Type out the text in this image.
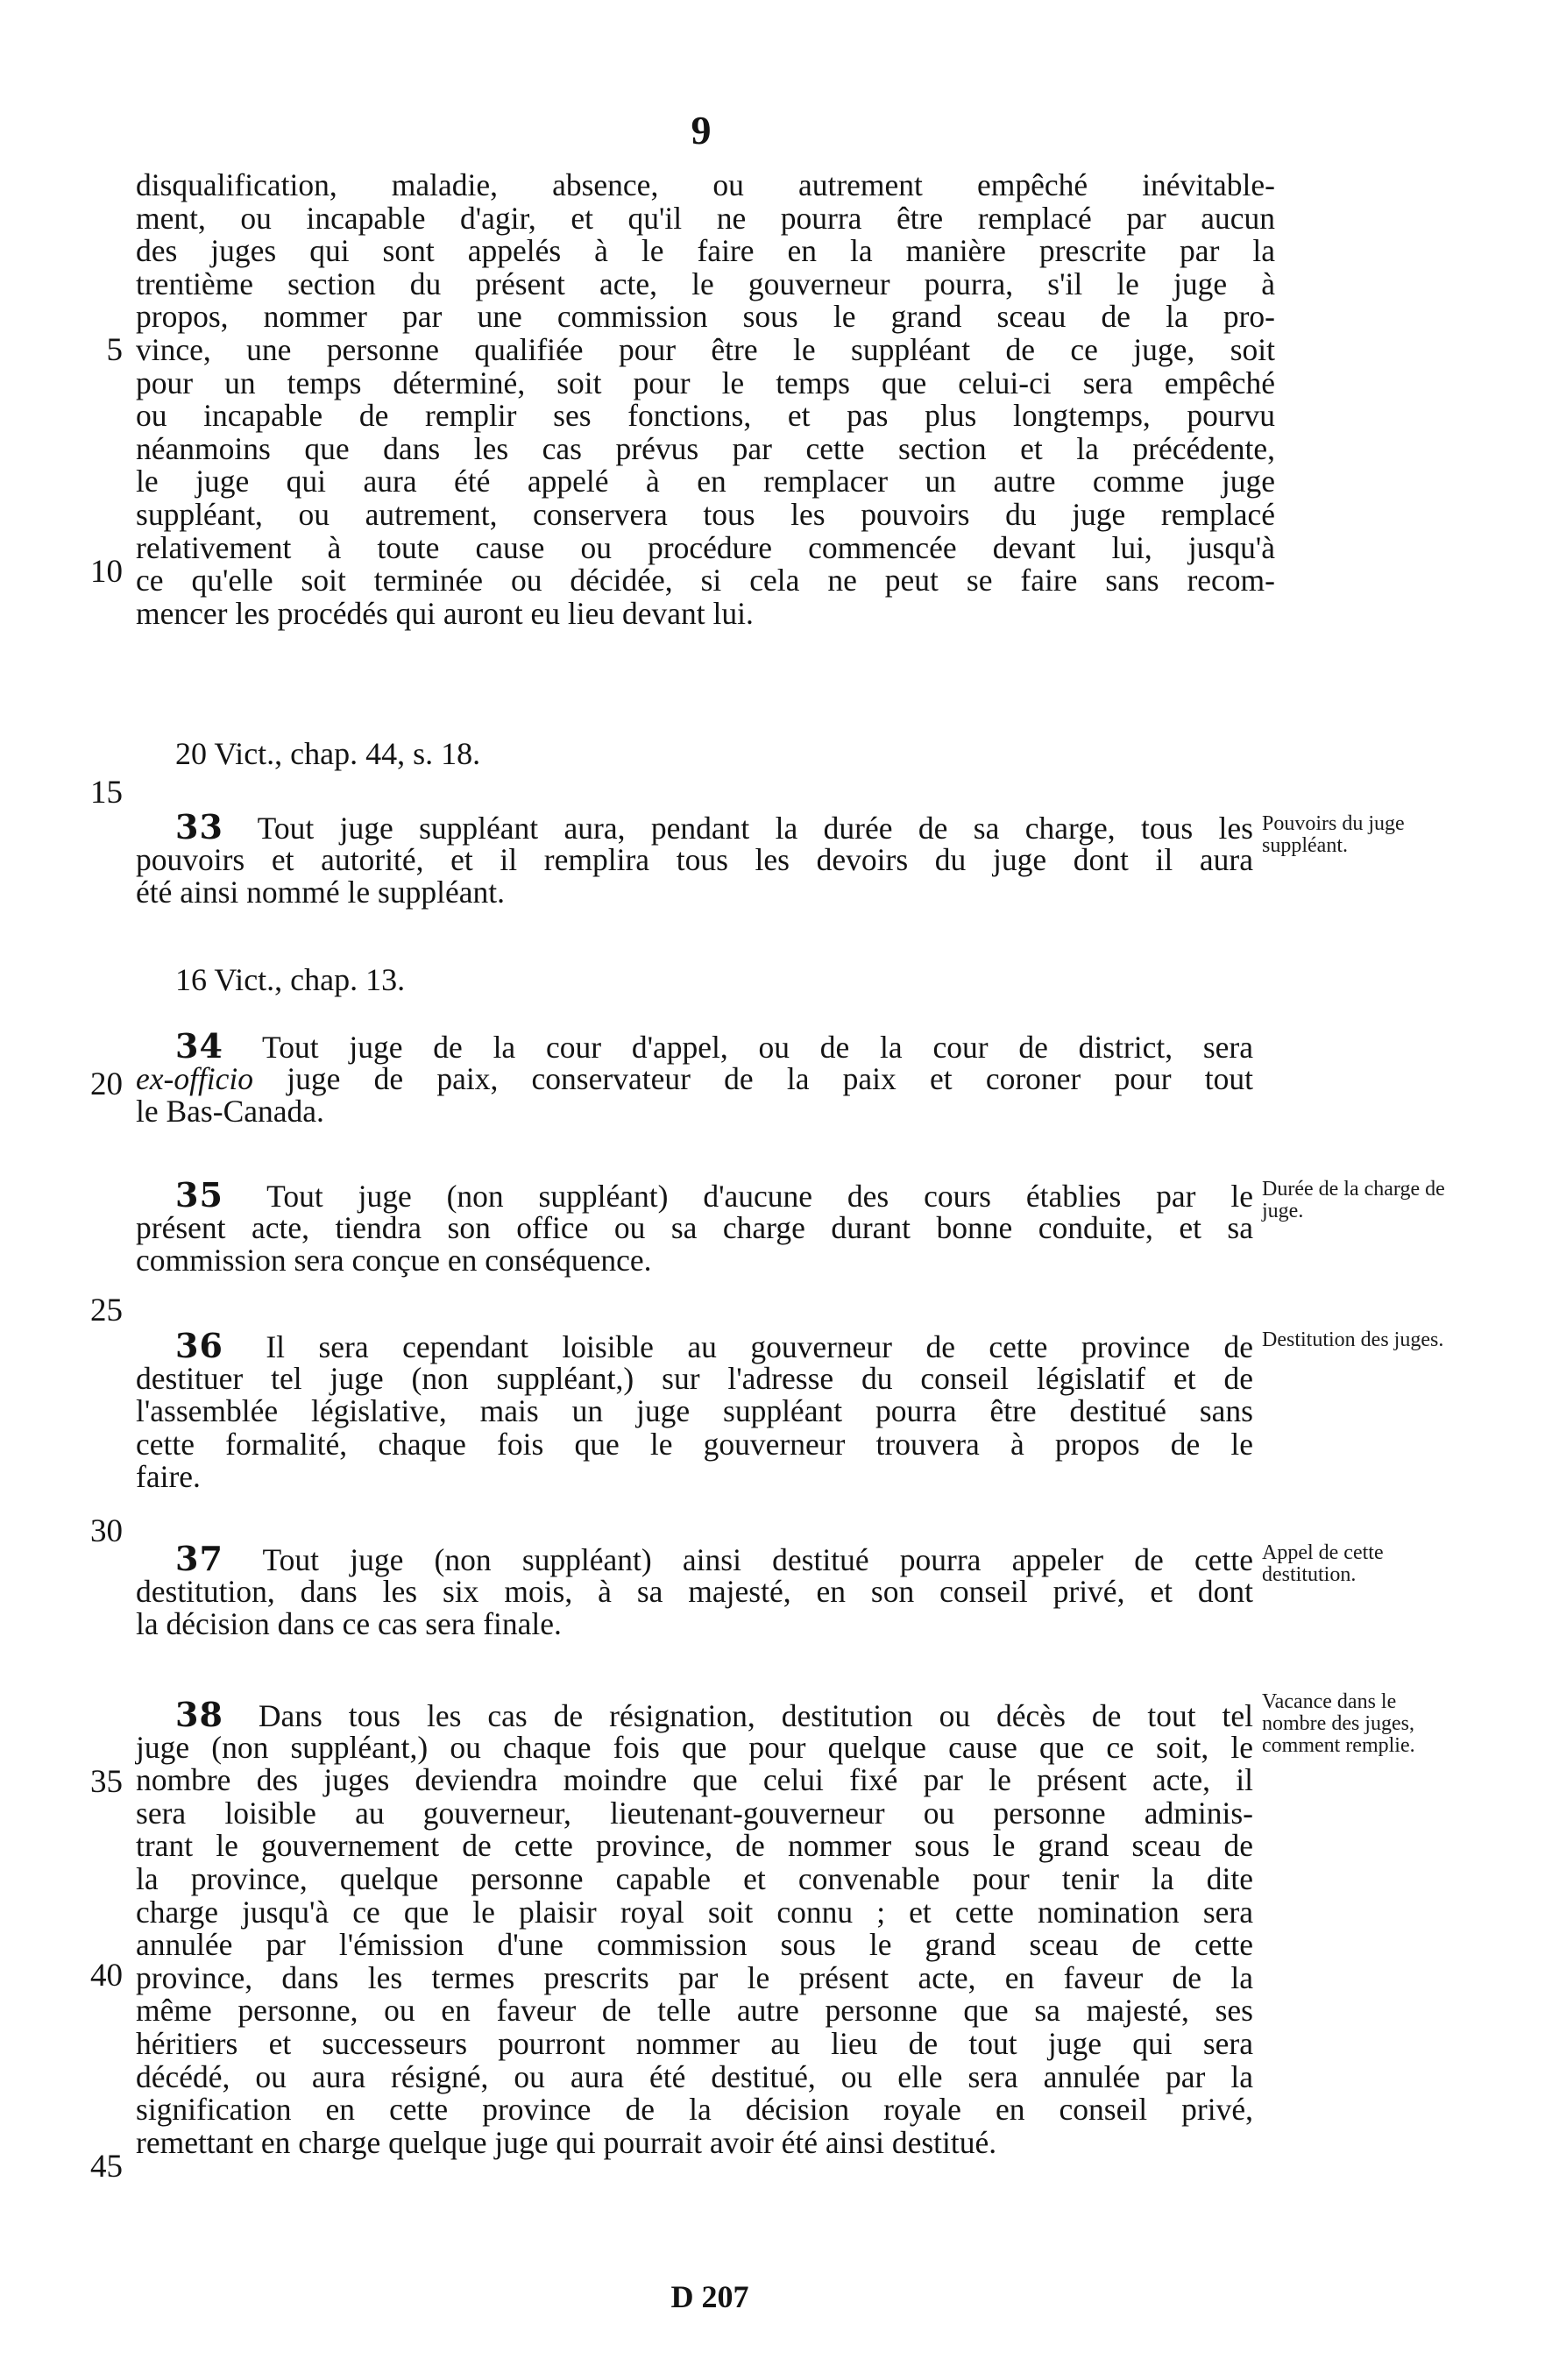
9
disqualification, maladie, absence, ou autrement empêché inévitable-
ment, ou incapable d'agir, et qu'il ne pourra être remplacé par aucun
des juges qui sont appelés à le faire en la manière prescrite par la
trentième section du présent acte, le gouverneur pourra, s'il le juge à
propos, nommer par une commission sous le grand sceau de la pro-
vince, une personne qualifiée pour être le suppléant de ce juge, soit
pour un temps déterminé, soit pour le temps que celui-ci sera empêché
ou incapable de remplir ses fonctions, et pas plus longtemps, pourvu
néanmoins que dans les cas prévus par cette section et la précédente,
le juge qui aura été appelé à en remplacer un autre comme juge
suppléant, ou autrement, conservera tous les pouvoirs du juge remplacé
relativement à toute cause ou procédure commencée devant lui, jusqu'à
ce qu'elle soit terminée ou décidée, si cela ne peut se faire sans recom-
mencer les procédés qui auront eu lieu devant lui.
5
10
15
20
25
30
35
40
45
20 Vict., chap. 44, s. 18.
33 Tout juge suppléant aura, pendant la durée de sa charge, tous les
pouvoirs et autorité, et il remplira tous les devoirs du juge dont il aura
été ainsi nommé le suppléant.
Pouvoirs du juge suppléant.
16 Vict., chap. 13.
34 Tout juge de la cour d'appel, ou de la cour de district, sera
ex-officio juge de paix, conservateur de la paix et coroner pour tout
le Bas-Canada.
35 Tout juge (non suppléant) d'aucune des cours établies par le
présent acte, tiendra son office ou sa charge durant bonne conduite, et sa
commission sera conçue en conséquence.
Durée de la charge de juge.
36 Il sera cependant loisible au gouverneur de cette province de
destituer tel juge (non suppléant,) sur l'adresse du conseil législatif et de
l'assemblée législative, mais un juge suppléant pourra être destitué sans
cette formalité, chaque fois que le gouverneur trouvera à propos de le
faire.
Destitution des juges.
37 Tout juge (non suppléant) ainsi destitué pourra appeler de cette
destitution, dans les six mois, à sa majesté, en son conseil privé, et dont
la décision dans ce cas sera finale.
Appel de cette destitution.
38 Dans tous les cas de résignation, destitution ou décès de tout tel
juge (non suppléant,) ou chaque fois que pour quelque cause que ce soit, le
nombre des juges deviendra moindre que celui fixé par le présent acte, il
sera loisible au gouverneur, lieutenant-gouverneur ou personne adminis-
trant le gouvernement de cette province, de nommer sous le grand sceau de
la province, quelque personne capable et convenable pour tenir la dite
charge jusqu'à ce que le plaisir royal soit connu ; et cette nomination sera
annulée par l'émission d'une commission sous le grand sceau de cette
province, dans les termes prescrits par le présent acte, en faveur de la
même personne, ou en faveur de telle autre personne que sa majesté, ses
héritiers et successeurs pourront nommer au lieu de tout juge qui sera
décédé, ou aura résigné, ou aura été destitué, ou elle sera annulée par la
signification en cette province de la décision royale en conseil privé,
remettant en charge quelque juge qui pourrait avoir été ainsi destitué.
Vacance dans le nombre des juges, comment remplie.
D 207
